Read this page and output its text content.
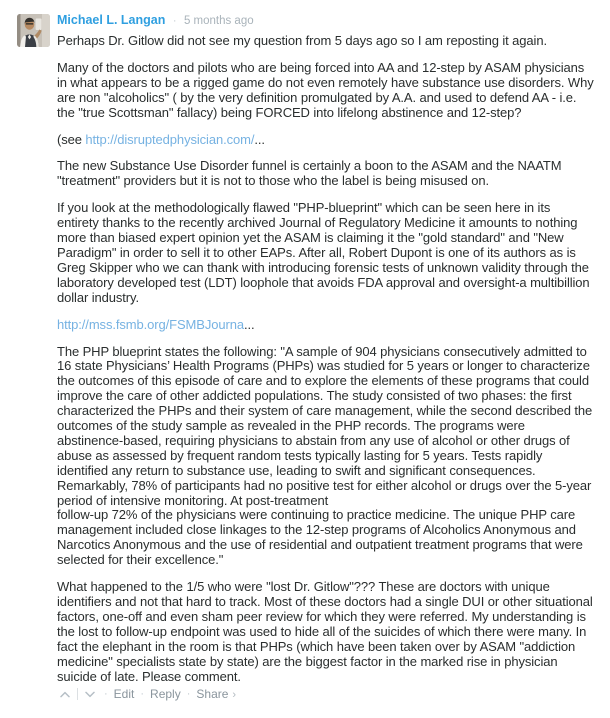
Michael L. Langan · 5 months ago

Perhaps Dr. Gitlow did not see my question from 5 days ago so I am reposting it again.

Many of the doctors and pilots who are being forced into AA and 12-step by ASAM physicians in what appears to be a rigged game do not even remotely have substance use disorders. Why are non "alcoholics" ( by the very definition promulgated by A.A. and used to defend AA - i.e. the "true Scottsman" fallacy) being FORCED into lifelong abstinence and 12-step?

(see http://disruptedphysician.com/...

The new Substance Use Disorder funnel is certainly a boon to the ASAM and the NAATM "treatment" providers but it is not to those who the label is being misused on.

If you look at the methodologically flawed "PHP-blueprint" which can be seen here in its entirety thanks to the recently archived Journal of Regulatory Medicine it amounts to nothing more than biased expert opinion yet the ASAM is claiming it the "gold standard" and "New Paradigm" in order to sell it to other EAPs. After all, Robert Dupont is one of its authors as is Greg Skipper who we can thank with introducing forensic tests of unknown validity through the laboratory developed test (LDT) loophole that avoids FDA approval and oversight-a multibillion dollar industry.

http://mss.fsmb.org/FSMBJourna...

The PHP blueprint states the following: "A sample of 904 physicians consecutively admitted to 16 state Physicians’ Health Programs (PHPs) was studied for 5 years or longer to characterize the outcomes of this episode of care and to explore the elements of these programs that could improve the care of other addicted populations. The study consisted of two phases: the first characterized the PHPs and their system of care management, while the second described the outcomes of the study sample as revealed in the PHP records. The programs were abstinence-based, requiring physicians to abstain from any use of alcohol or other drugs of abuse as assessed by frequent random tests typically lasting for 5 years. Tests rapidly identified any return to substance use, leading to swift and significant consequences. Remarkably, 78% of participants had no positive test for either alcohol or drugs over the 5-year period of intensive monitoring. At post-treatment
follow-up 72% of the physicians were continuing to practice medicine. The unique PHP care management included close linkages to the 12-step programs of Alcoholics Anonymous and Narcotics Anonymous and the use of residential and outpatient treatment programs that were selected for their excellence."

What happened to the 1/5 who were "lost Dr. Gitlow"??? These are doctors with unique identifiers and not that hard to track. Most of these doctors had a single DUI or other situational factors, one-off and even sham peer review for which they were referred. My understanding is the lost to follow-up endpoint was used to hide all of the suicides of which there were many. In fact the elephant in the room is that PHPs (which have been taken over by ASAM "addiction medicine" specialists state by state) are the biggest factor in the marked rise in physician suicide of late. Please comment.

· Edit · Reply · Share ›
